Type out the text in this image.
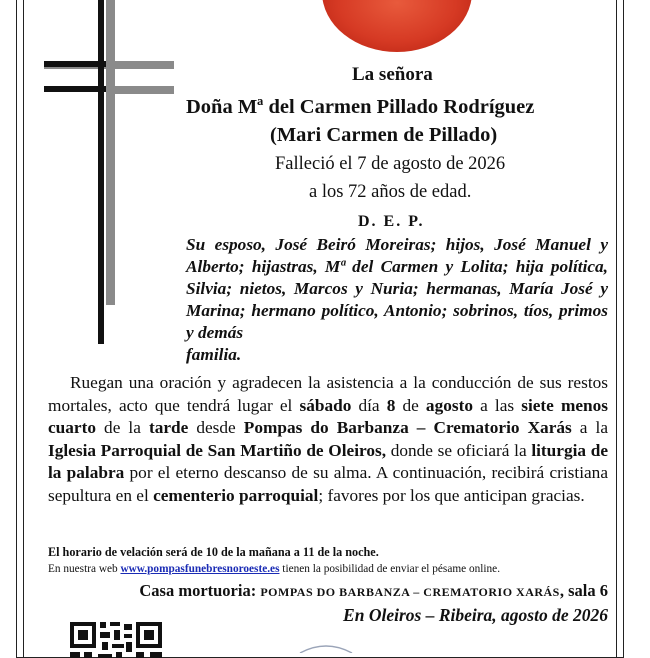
La señora
Doña Mª del Carmen Pillado Rodríguez
(Mari Carmen de Pillado)
Falleció el 7 de agosto de 2026
a los 72 años de edad.
D. E. P.
Su esposo, José Beiró Moreiras; hijos, José Manuel y Alberto; hijastras, Mª del Carmen y Lolita; hija política, Silvia; nietos, Marcos y Nuria; hermanas, María José y Marina; hermano político, Antonio; sobrinos, tíos, primos y demás
familia.
Ruegan una oración y agradecen la asistencia a la conducción de sus restos mortales, acto que tendrá lugar el sábado día 8 de agosto a las siete menos cuarto de la tarde desde Pompas do Barbanza – Crematorio Xarás a la Iglesia Parroquial de San Martiño de Oleiros, donde se oficiará la liturgia de la palabra por el eterno descanso de su alma. A continuación, recibirá cristiana sepultura en el cementerio parroquial; favores por los que anticipan gracias.
El horario de velación será de 10 de la mañana a 11 de la noche.
En nuestra web www.pompasfunebresnoroeste.es tienen la posibilidad de enviar el pésame online.
Casa mortuoria: POMPAS DO BARBANZA – CREMATORIO XARÁS, sala 6
En Oleiros – Ribeira, agosto de 2026
